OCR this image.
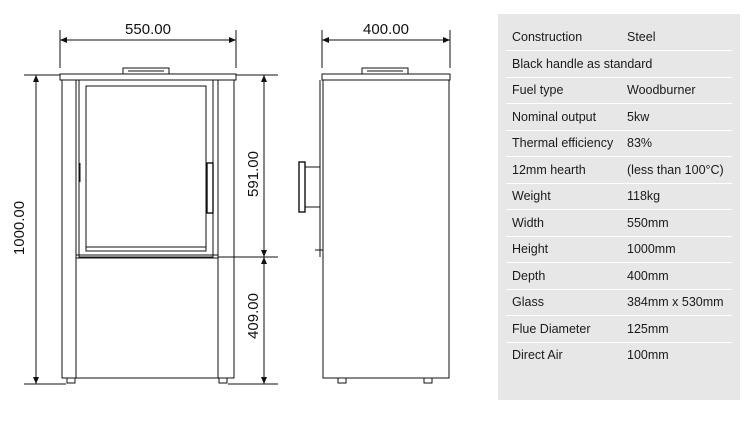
550.00
1000.00
591.00
409.00
400.00	Construction	Steel
Black handle as standard
Fuel type	Woodburner
Nominal output 5kw
Thermal efficiency 83%
12mm hearth	(less than 100°C)
Weight	118kg
Width	550mm
Height	1000mm
Depth	400mm
Glass	384mm x 530mm
Flue Diameter	125mm
Direct Air	100mm
